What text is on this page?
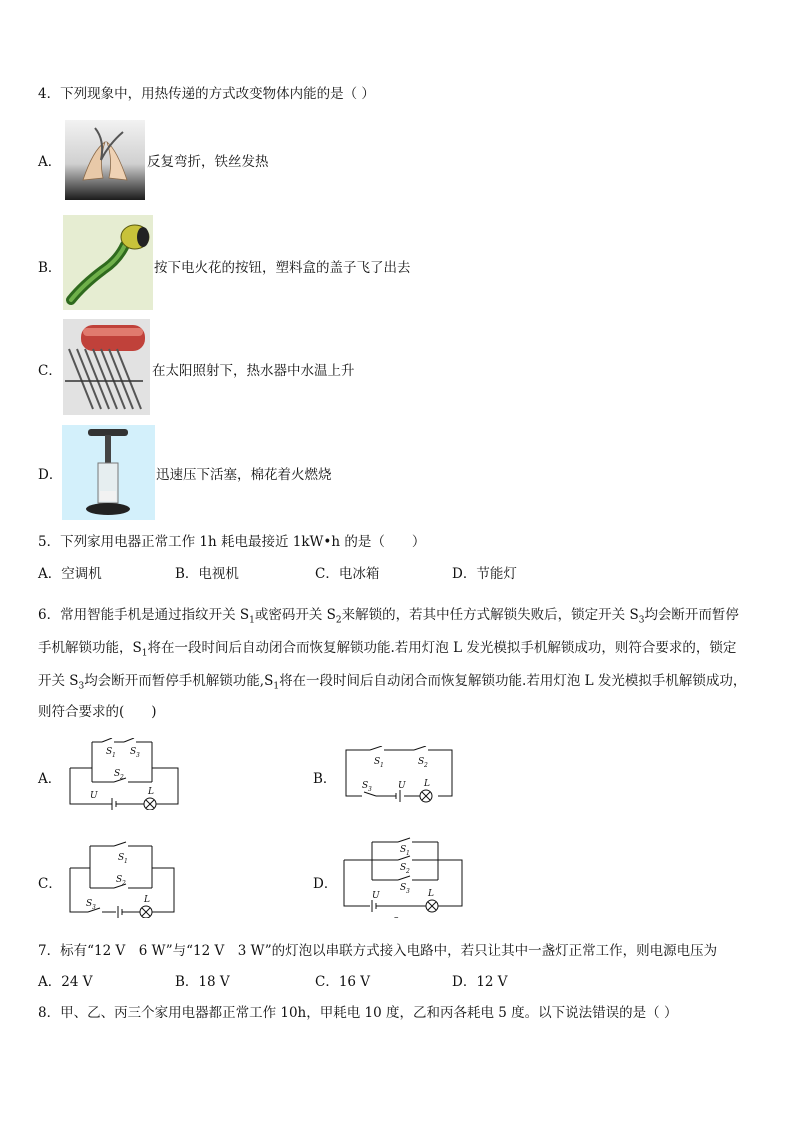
4．下列现象中，用热传递的方式改变物体内能的是（ ）
A．	反复弯折，铁丝发热
B．	按下电火花的按钮，塑料盒的盖子飞了出去
C．	在太阳照射下，热水器中水温上升
D．	迅速压下活塞，棉花着火燃烧
5．下列家用电器正常工作 1h 耗电最接近 1kW•h 的是（　　）
A．空调机	B．电视机	C．电冰箱	D．节能灯
6．常用智能手机是通过指纹开关 $S_1$或密码开关 $S_2$来解锁的，若其中任方式解锁失败后，锁定开关 $S_3$均会断开而暂停
手机解锁功能，$S_1$将在一段时间后自动闭合而恢复解锁功能.若用灯泡 L 发光模拟手机解锁成功，则符合要求的，锁定
开关 $S_3$均会断开而暂停手机解锁功能$,S_1$将在一段时间后自动闭合而恢复解锁功能.若用灯泡 L 发光模拟手机解锁成功，
则符合要求的(　　)
A．	B．
C．	D．
S 1 S 3
S 2
U	L
S 1	S 2
S 3	U L
S 1
S 2
S 3
L
S 1
S 2
S 3
U	L
–
7．标有“12 V　6 W”与“12 V　3 W”的灯泡以串联方式接入电路中，若只让其中一盏灯正常工作，则电源电压为
A．24 V	B．18 V	C．16 V	D．12 V
8．甲、乙、丙三个家用电器都正常工作 10h，甲耗电 10 度，乙和丙各耗电 5 度。以下说法错误的是（ ）
